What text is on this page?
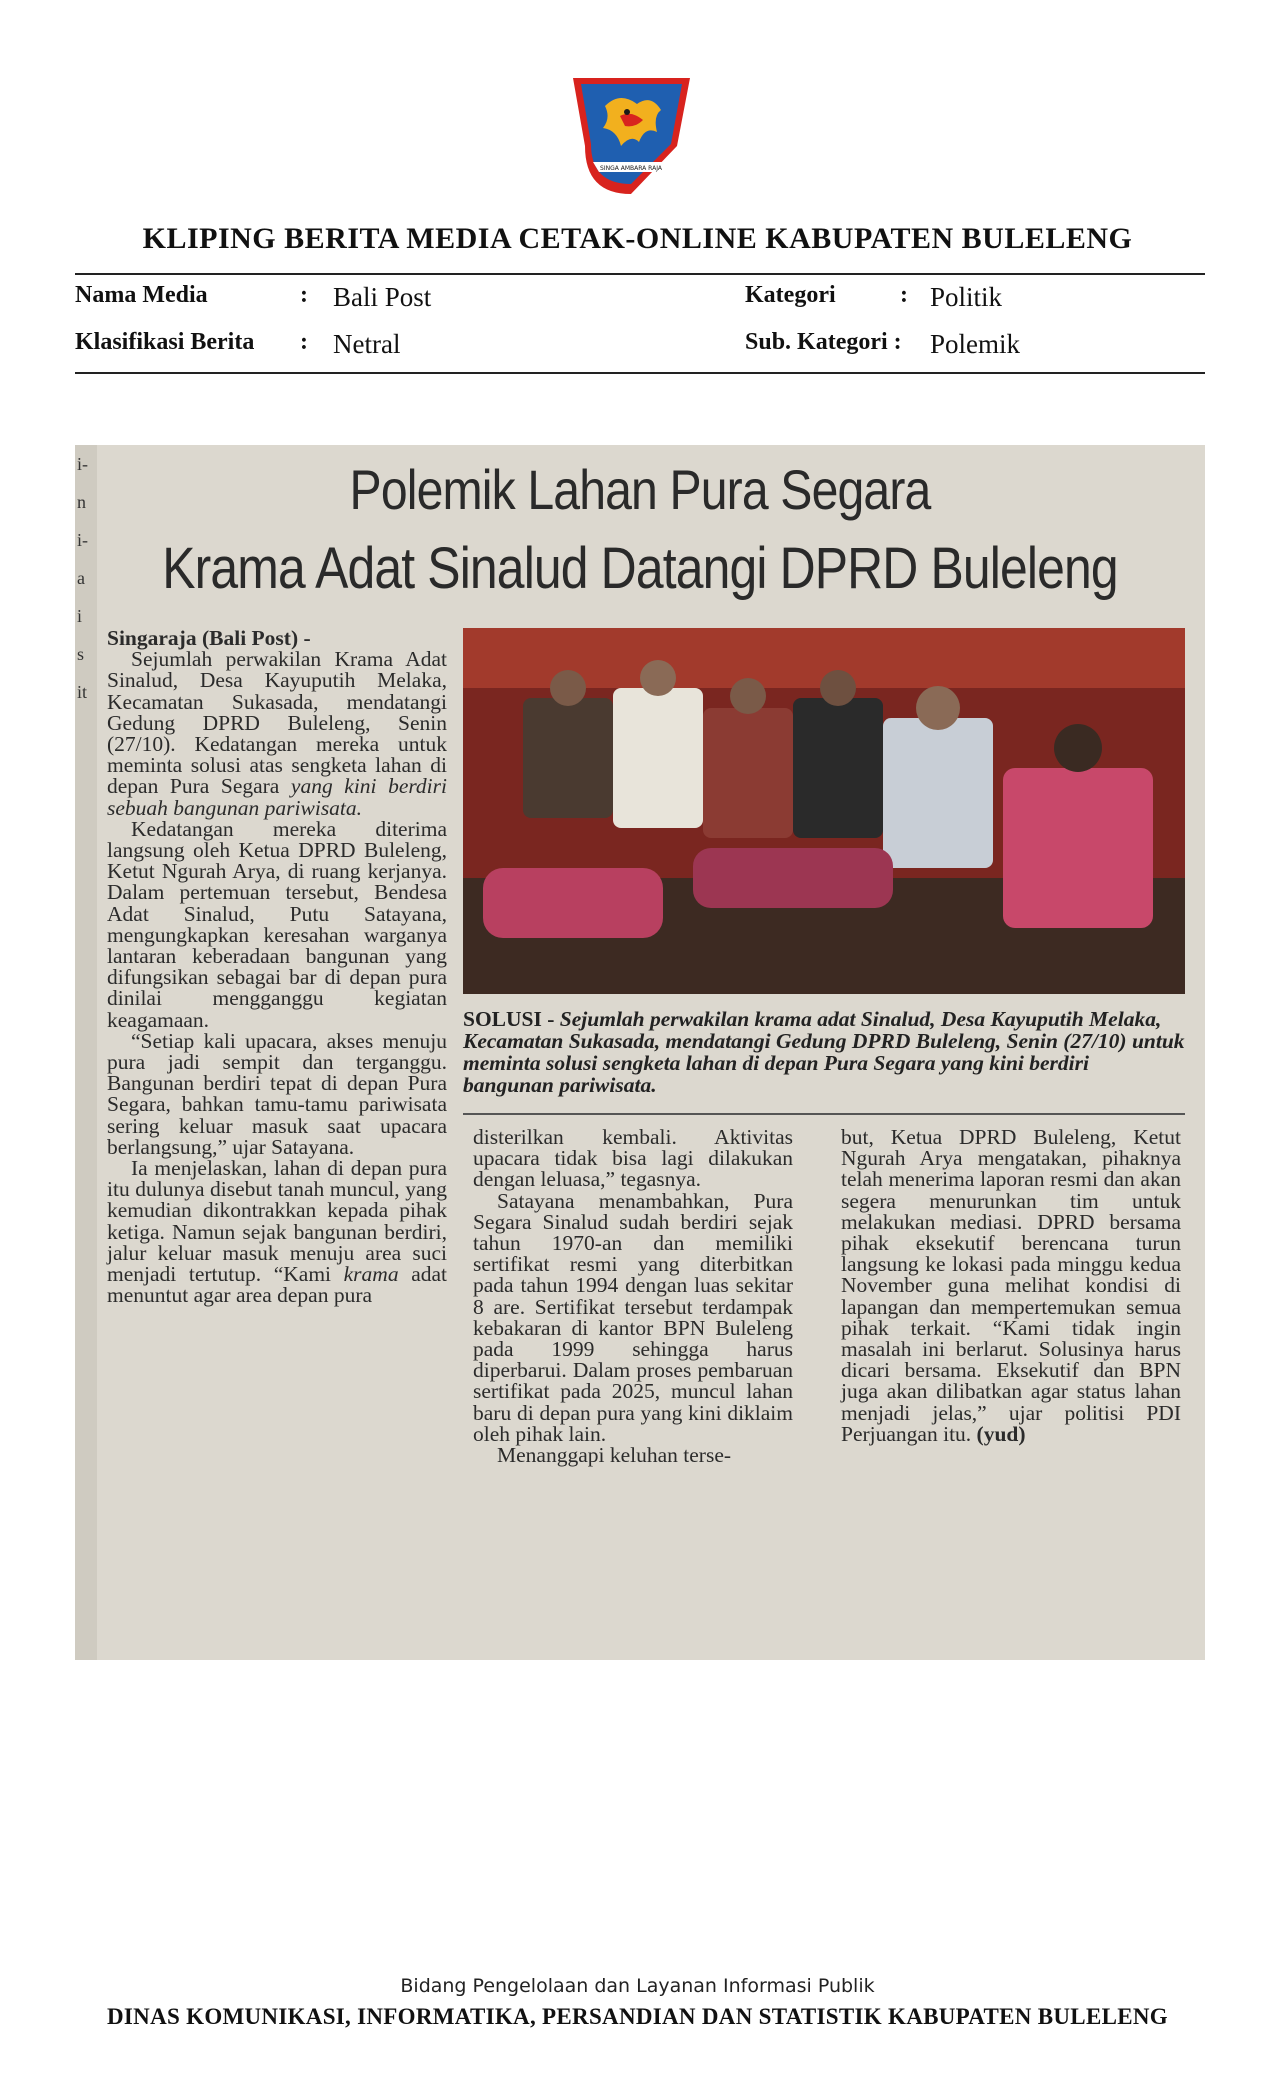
SINGA AMBARA RAJA
KLIPING BERITA MEDIA CETAK-ONLINE KABUPATEN BULELENG
Nama Media	: Bali Post	Kategori	: Politik
Klasifikasi Berita : Netral	Sub. Kategori : Polemik
i-
n
i-
a
i
s
it
Polemik Lahan Pura Segara
Krama Adat Sinalud Datangi DPRD Buleleng

Singaraja (Bali Post) -

Sejumlah perwakilan Krama Adat Sinalud, Desa Kayuputih Melaka, Kecamatan Sukasada, mendatangi Gedung DPRD Buleleng, Senin (27/10). Kedatangan mereka untuk meminta solusi atas sengketa lahan di depan Pura Segara yang kini berdiri sebuah bangunan pariwisata.

Kedatangan mereka diterima langsung oleh Ketua DPRD Buleleng, Ketut Ngurah Arya, di ruang kerjanya. Dalam pertemuan tersebut, Bendesa Adat Sinalud, Putu Satayana, mengungkapkan keresahan warganya lantaran keberadaan bangunan yang difungsikan sebagai bar di depan pura dinilai mengganggu kegiatan keagamaan.

“Setiap kali upacara, akses menuju pura jadi sempit dan terganggu. Bangunan berdiri tepat di depan Pura Segara, bahkan tamu-tamu pariwisata sering keluar masuk saat upacara berlangsung,” ujar Satayana.

Ia menjelaskan, lahan di depan pura itu dulunya disebut tanah muncul, yang kemudian dikontrakkan kepada pihak ketiga. Namun sejak bangunan berdiri, jalur keluar masuk menuju area suci menjadi tertutup. “Kami krama adat menuntut agar area depan pura

SOLUSI - Sejumlah perwakilan krama adat Sinalud, Desa Kayuputih Melaka, Kecamatan Sukasada, mendatangi Gedung DPRD Buleleng, Senin (27/10) untuk meminta solusi sengketa lahan di depan Pura Segara yang kini berdiri bangunan pariwisata.

disterilkan kembali. Aktivitas upacara tidak bisa lagi dilakukan dengan leluasa,” tegasnya.

Satayana menambahkan, Pura Segara Sinalud sudah berdiri sejak tahun 1970-an dan memiliki sertifikat resmi yang diterbitkan pada tahun 1994 dengan luas sekitar 8 are. Sertifikat tersebut terdampak kebakaran di kantor BPN Buleleng pada 1999 sehingga harus diperbarui. Dalam proses pembaruan sertifikat pada 2025, muncul lahan baru di depan pura yang kini diklaim oleh pihak lain.

Menanggapi keluhan terse-

but, Ketua DPRD Buleleng, Ketut Ngurah Arya mengatakan, pihaknya telah menerima laporan resmi dan akan segera menurunkan tim untuk melakukan mediasi. DPRD bersama pihak eksekutif berencana turun langsung ke lokasi pada minggu kedua November guna melihat kondisi di lapangan dan mempertemukan semua pihak terkait. “Kami tidak ingin masalah ini berlarut. Solusinya harus dicari bersama. Eksekutif dan BPN juga akan dilibatkan agar status lahan menjadi jelas,” ujar politisi PDI Perjuangan itu. (yud)

Bidang Pengelolaan dan Layanan Informasi Publik
DINAS KOMUNIKASI, INFORMATIKA, PERSANDIAN DAN STATISTIK KABUPATEN BULELENG
